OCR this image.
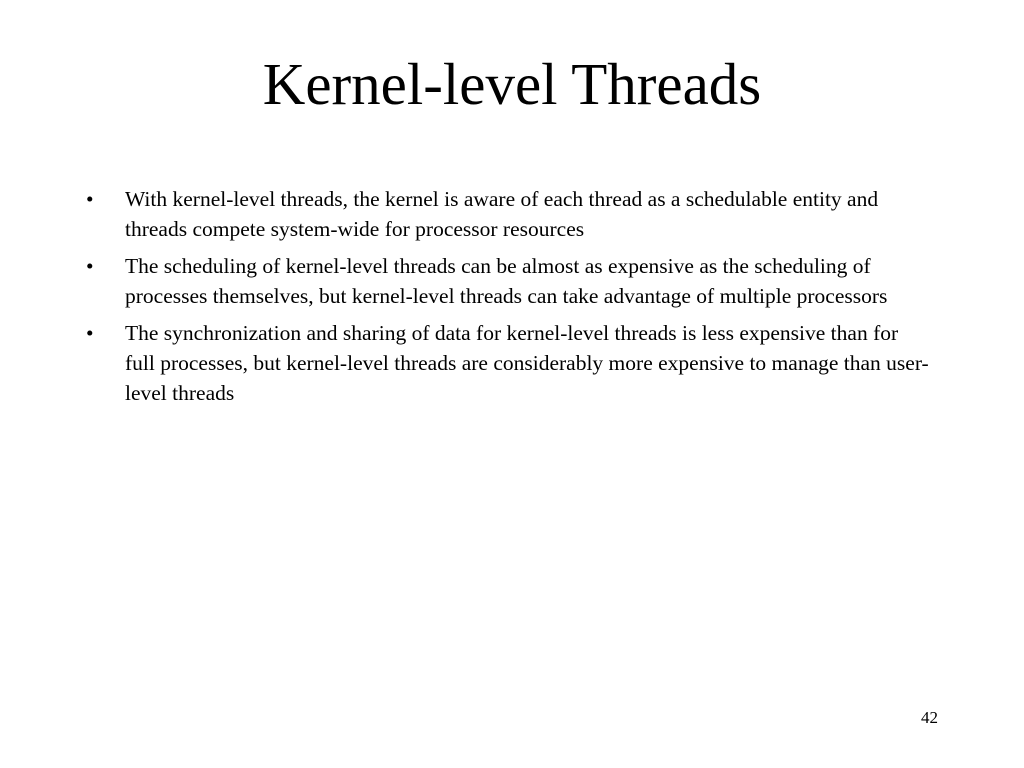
Kernel-level Threads
• With kernel-level threads, the kernel is aware of each thread as a schedulable entity and threads compete system-wide for processor resources
• The scheduling of kernel-level threads can be almost as expensive as the scheduling of processes themselves, but kernel-level threads can take advantage of multiple processors
• The synchronization and sharing of data for kernel-level threads is less expensive than for full processes, but kernel-level threads are considerably more expensive to manage than user-level threads
42
